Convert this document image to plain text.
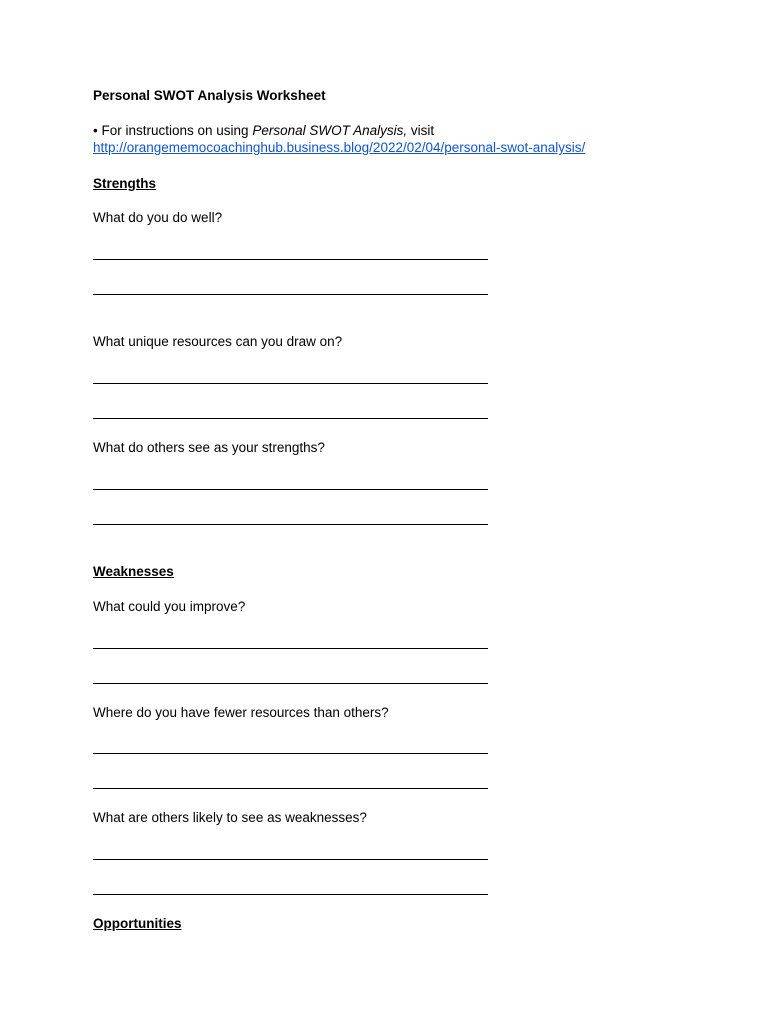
Personal SWOT Analysis Worksheet
• For instructions on using Personal SWOT Analysis, visit
http://orangememocoachinghub.business.blog/2022/02/04/personal-swot-analysis/
Strengths
What do you do well?
What unique resources can you draw on?
What do others see as your strengths?
Weaknesses
What could you improve?
Where do you have fewer resources than others?
What are others likely to see as weaknesses?
Opportunities
